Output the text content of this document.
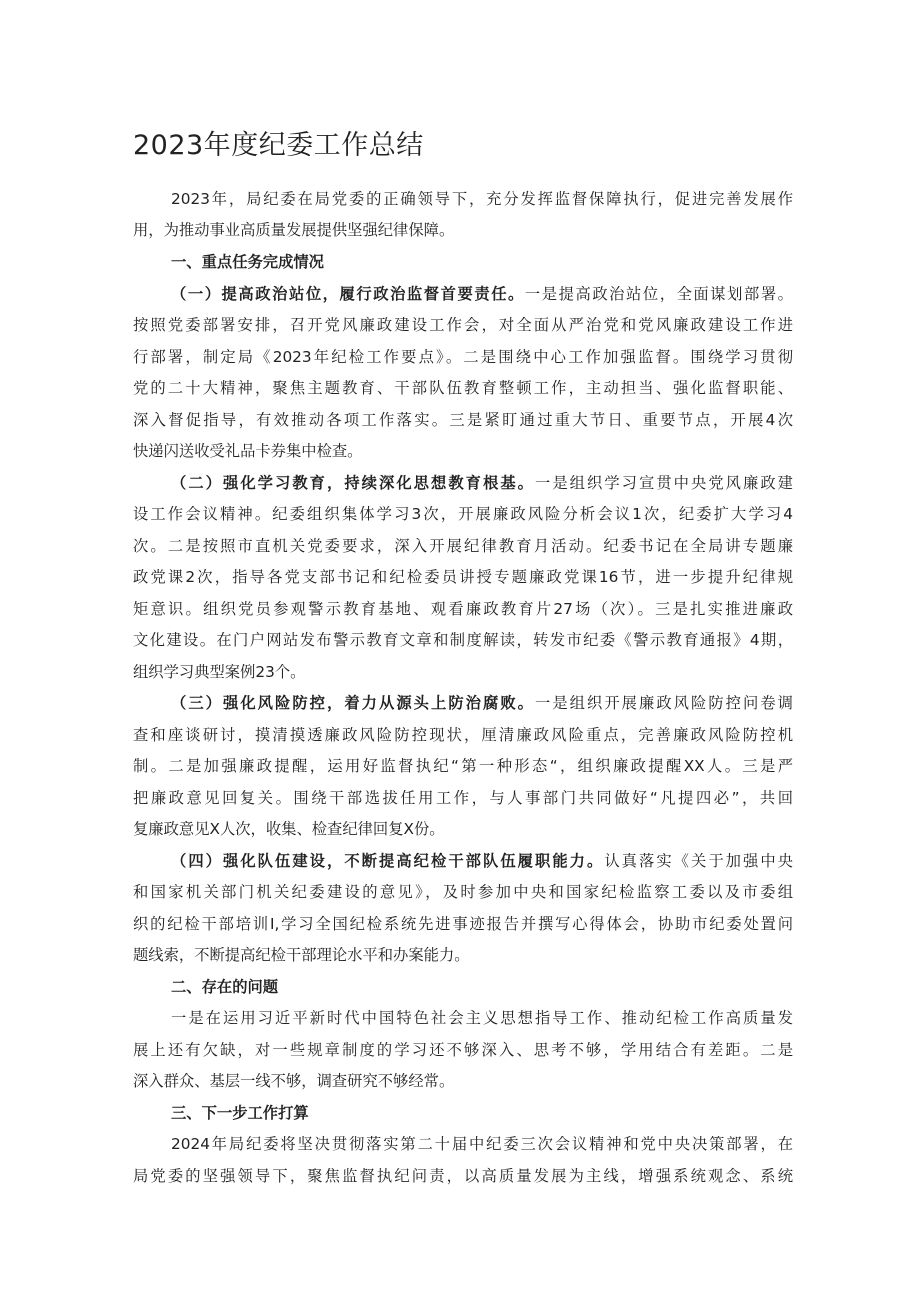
2023年度纪委工作总结
2023年，局纪委在局党委的正确领导下，充分发挥监督保障执行，促进完善发展作
用，为推动事业高质量发展提供坚强纪律保障。
一、重点任务完成情况
（一）提高政治站位，履行政治监督首要责任。一是提高政治站位，全面谋划部署。
按照党委部署安排，召开党风廉政建设工作会，对全面从严治党和党风廉政建设工作进
行部署，制定局《2023年纪检工作要点》。二是围绕中心工作加强监督。围绕学习贯彻
党的二十大精神，聚焦主题教育、干部队伍教育整顿工作，主动担当、强化监督职能、
深入督促指导，有效推动各项工作落实。三是紧盯通过重大节日、重要节点，开展4次
快递闪送收受礼品卡券集中检查。
（二）强化学习教育，持续深化思想教育根基。一是组织学习宣贯中央党风廉政建
设工作会议精神。纪委组织集体学习3次，开展廉政风险分析会议1次，纪委扩大学习4
次。二是按照市直机关党委要求，深入开展纪律教育月活动。纪委书记在全局讲专题廉
政党课2次，指导各党支部书记和纪检委员讲授专题廉政党课16节，进一步提升纪律规
矩意识。组织党员参观警示教育基地、观看廉政教育片27场（次）。三是扎实推进廉政
文化建设。在门户网站发布警示教育文章和制度解读，转发市纪委《警示教育通报》4期，
组织学习典型案例23个。
（三）强化风险防控，着力从源头上防治腐败。一是组织开展廉政风险防控问卷调
查和座谈研讨，摸清摸透廉政风险防控现状，厘清廉政风险重点，完善廉政风险防控机
制。二是加强廉政提醒，运用好监督执纪“第一种形态“，组织廉政提醒XX人。三是严
把廉政意见回复关。围绕干部选拔任用工作，与人事部门共同做好“凡提四必”，共回
复廉政意见X人次，收集、检查纪律回复X份。
（四）强化队伍建设，不断提高纪检干部队伍履职能力。认真落实《关于加强中央
和国家机关部门机关纪委建设的意见》，及时参加中央和国家纪检监察工委以及市委组
织的纪检干部培训I,学习全国纪检系统先进事迹报告并撰写心得体会，协助市纪委处置问
题线索，不断提高纪检干部理论水平和办案能力。
二、存在的问题
一是在运用习近平新时代中国特色社会主义思想指导工作、推动纪检工作高质量发
展上还有欠缺，对一些规章制度的学习还不够深入、思考不够，学用结合有差距。二是
深入群众、基层一线不够，调查研究不够经常。
三、下一步工作打算
2024年局纪委将坚决贯彻落实第二十届中纪委三次会议精神和党中央决策部署，在
局党委的坚强领导下，聚焦监督执纪问责，以高质量发展为主线，增强系统观念、系统
